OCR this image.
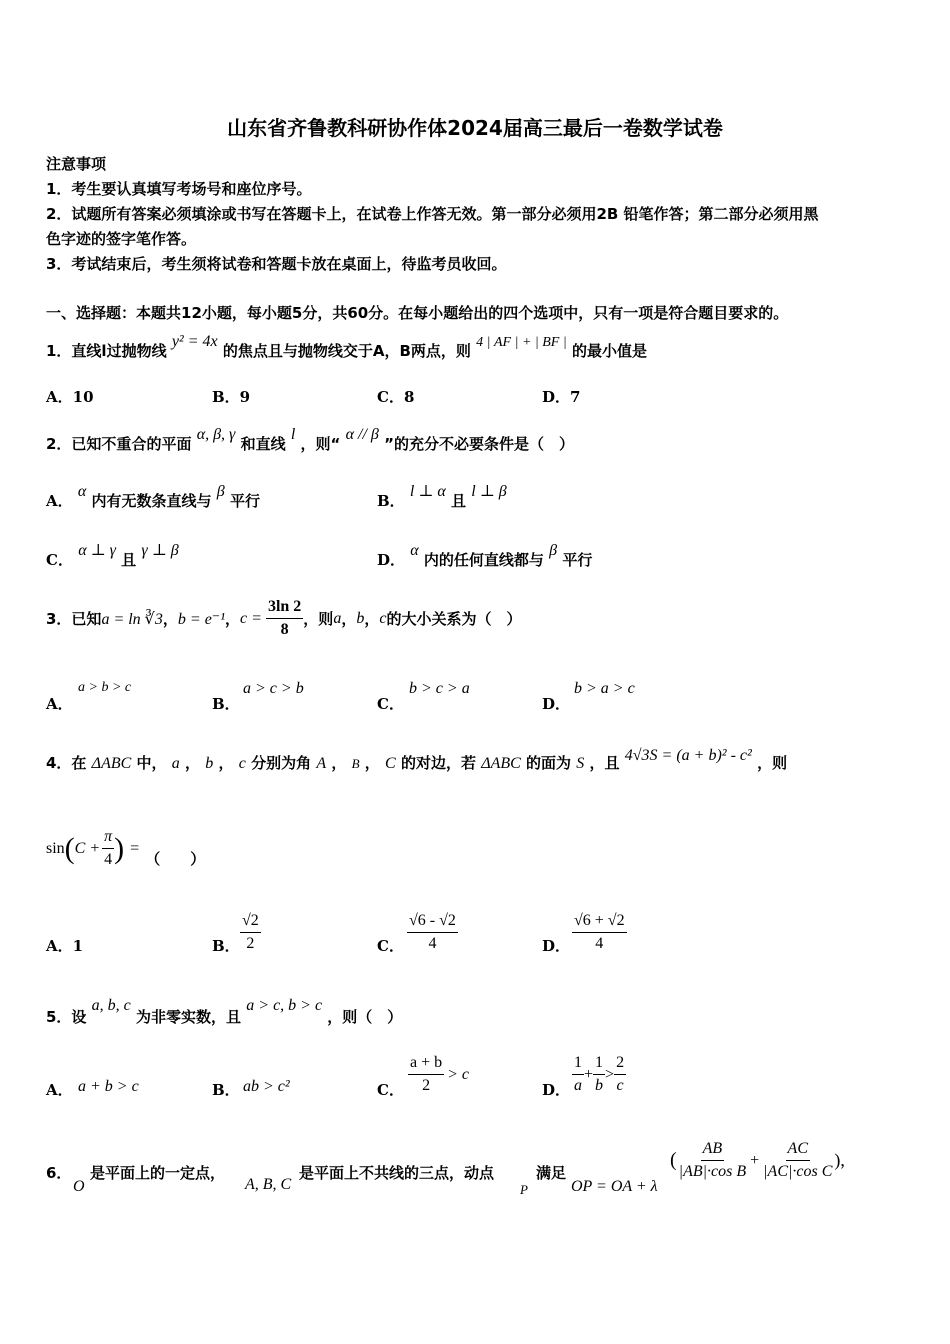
山东省齐鲁教科研协作体2024届高三最后一卷数学试卷
注意事项
1．考生要认真填写考场号和座位序号。
2．试题所有答案必须填涂或书写在答题卡上，在试卷上作答无效。第一部分必须用2B 铅笔作答；第二部分必须用黑
色字迹的签字笔作答。
3．考试结束后，考生须将试卷和答题卡放在桌面上，待监考员收回。
一、选择题：本题共12小题，每小题5分，共60分。在每小题给出的四个选项中，只有一项是符合题目要求的。
1．直线l过抛物线 y² = 4x 的焦点且与抛物线交于A，B两点，则 4 | AF | + | BF | 的最小值是
A．10	B．9	C．8	D．7
2．已知不重合的平面 α, β, γ 和直线 l ，则“ α // β ”的充分不必要条件是（　）
A． α 内有无数条直线与 β 平行	B． l ⊥ α 且 l ⊥ β
C． α ⊥ γ 且 γ ⊥ β
D． α 内的任何直线都与 β 平行
3．已知 a = ln ∛3 ， b = e⁻¹ ， $c = \frac{3\ln 2}{8}$ ，则 a ， b ， c 的大小关系为（　）
A．
a > b > c
B．
a > c > b
C．
b > c > a
D．
b > a > c
4．在 ΔABC 中， a ， b ， c 分别为角 A ， B ， C 的对边，若 ΔABC 的面为 S ，且 4√3S = (a + b)² - c² ，则
sin ( $C + \frac{\pi}{4}$ ) =
（　　）
A．1	B． $\frac{√2}{2}$	C． $\frac{√6 - √2}{4}$	D． $\frac{√6 + √2}{4}$
5．设 a, b, c 为非零实数，且 a > c, b > c ，则（　）
A． a + b > c	B． ab > c²	C． $\frac{a + b}{2} > c$
D． $\frac{1}{a} + \frac{1}{b} > \frac{2}{c}$
6．
O
是平面上的一定点，
A, B, C
是平面上不共线的三点，动点
P
满足
OP = OA + λ
( $\frac{AB}{\text{|AB|·cos B}} + \frac{AC}{\text{|AC|·cos C}}$ ),
